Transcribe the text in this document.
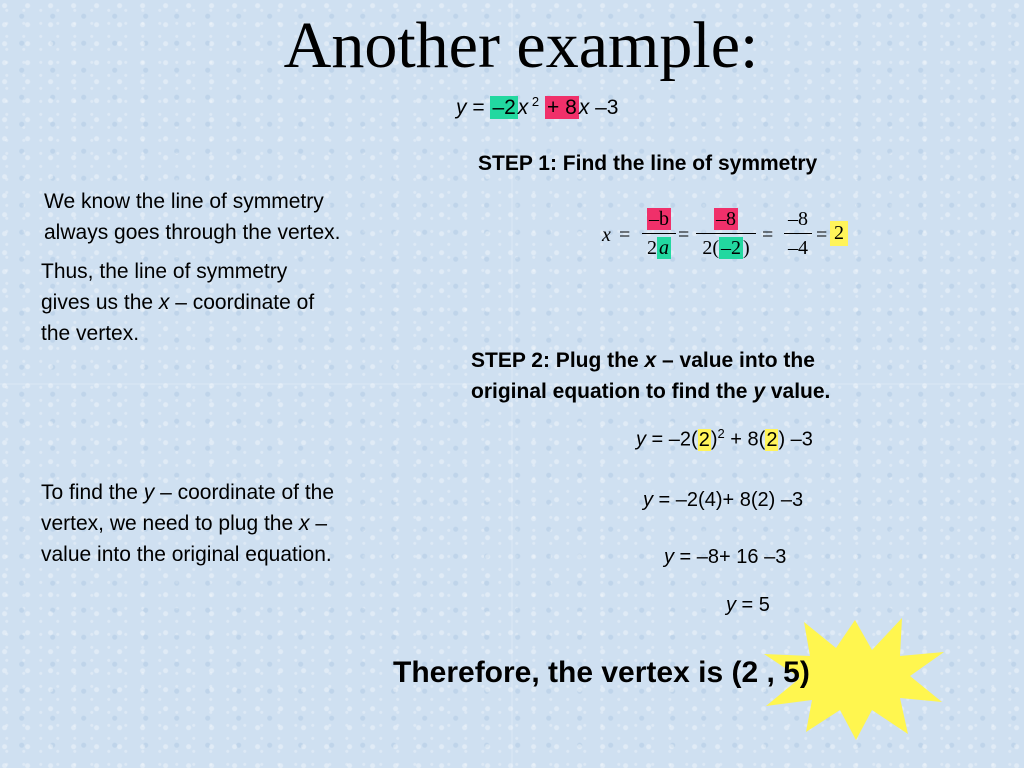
Another example:
y = –2x $^2$ + 8x –3
STEP 1: Find the line of symmetry
We know the line of symmetry
always goes through the vertex.
Thus, the line of symmetry
gives us the x – coordinate of
the vertex.
x =
–b
2 a
=
–8
2( –2 )
=
–8
–4
= 2
STEP 2: Plug the x – value into the
original equation to find the y value.
$y = -2(2)^2 + 8(2)$ –3
To find the y – coordinate of the
vertex, we need to plug the x –
value into the original equation.
y = –2(4)+ 8(2) –3
y = –8+ 16 –3
y = 5
Therefore, the vertex is (2 , 5)
